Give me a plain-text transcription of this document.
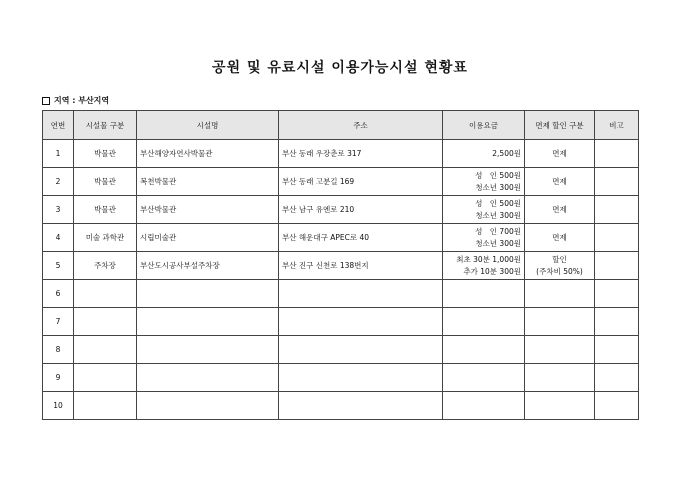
공원 및 유료시설 이용가능시설 현황표
지역 : 부산지역
연번	시설물 구분	시설명	주소	이용요금	면제 할인 구분	비고
1	박물관	부산해양자연사박물관	부산 동래 우장춘로 317	2,500원	면제	

2	박물관	복천박물관	부산 동래 고분길 169	성　인 500원
청소년 300원	면제	

3	박물관	부산박물관	부산 남구 유엔로 210	성　인 500원
청소년 300원	면제	

4	미술 과학관	시립미술관	부산 해운대구 APEC로 40	성　인 700원
청소년 300원	면제	

5	주차장	부산도시공사부설주차장	부산 진구 신천로 138번지	최초 30분 1,000원
추가 10분 300원	할인
(주차비 50%)	

6						
7						
8						
9						
10						
